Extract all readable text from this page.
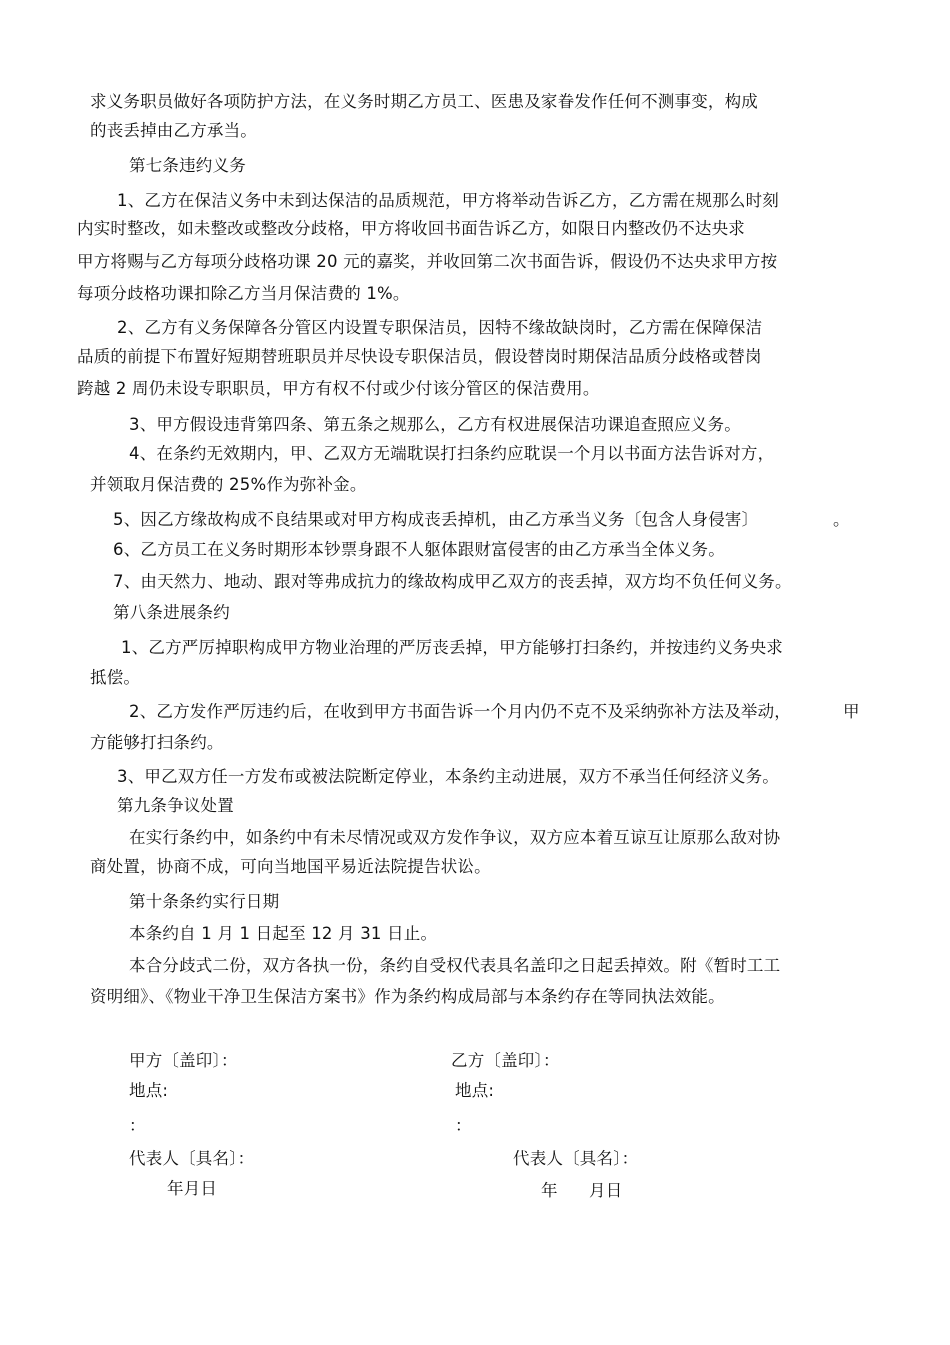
求义务职员做好各项防护方法，在义务时期乙方员工、医患及家眷发作任何不测事变，构成
的丧丢掉由乙方承当。
第七条违约义务
1、乙方在保洁义务中未到达保洁的品质规范，甲方将举动告诉乙方，乙方需在规那么时刻
内实时整改，如未整改或整改分歧格，甲方将收回书面告诉乙方，如限日内整改仍不达央求
甲方将赐与乙方每项分歧格功课 20 元的嘉奖，并收回第二次书面告诉，假设仍不达央求甲方按
每项分歧格功课扣除乙方当月保洁费的 1%。
2、乙方有义务保障各分管区内设置专职保洁员，因特不缘故缺岗时，乙方需在保障保洁
品质的前提下布置好短期替班职员并尽快设专职保洁员，假设替岗时期保洁品质分歧格或替岗
跨越 2 周仍未设专职职员，甲方有权不付或少付该分管区的保洁费用。
3、甲方假设违背第四条、第五条之规那么，乙方有权进展保洁功课追查照应义务。
4、在条约无效期内，甲、乙双方无端耽误打扫条约应耽误一个月以书面方法告诉对方，
并领取月保洁费的 25%作为弥补金。
5、因乙方缘故构成不良结果或对甲方构成丧丢掉机，由乙方承当义务〔包含人身侵害〕	。
6、乙方员工在义务时期形本钞票身跟不人躯体跟财富侵害的由乙方承当全体义务。
7、由天然力、地动、跟对等弗成抗力的缘故构成甲乙双方的丧丢掉，双方均不负任何义务。
第八条进展条约
1、乙方严厉掉职构成甲方物业治理的严厉丧丢掉，甲方能够打扫条约，并按违约义务央求
抵偿。
2、乙方发作严厉违约后，在收到甲方书面告诉一个月内仍不克不及采纳弥补方法及举动，	甲
方能够打扫条约。
3、甲乙双方任一方发布或被法院断定停业，本条约主动进展，双方不承当任何经济义务。
第九条争议处置
在实行条约中，如条约中有未尽情况或双方发作争议，双方应本着互谅互让原那么敌对协
商处置，协商不成，可向当地国平易近法院提告状讼。
第十条条约实行日期
本条约自 1 月 1 日起至 12 月 31 日止。
本合分歧式二份，双方各执一份，条约自受权代表具名盖印之日起丢掉效。附《暂时工工
资明细》、《物业干净卫生保洁方案书》作为条约构成局部与本条约存在等同执法效能。
甲方〔盖印〕：	乙方〔盖印〕：
地点:	地点:
：	：
代表人〔具名〕：	代表人〔具名〕：
年月日	年 月日
